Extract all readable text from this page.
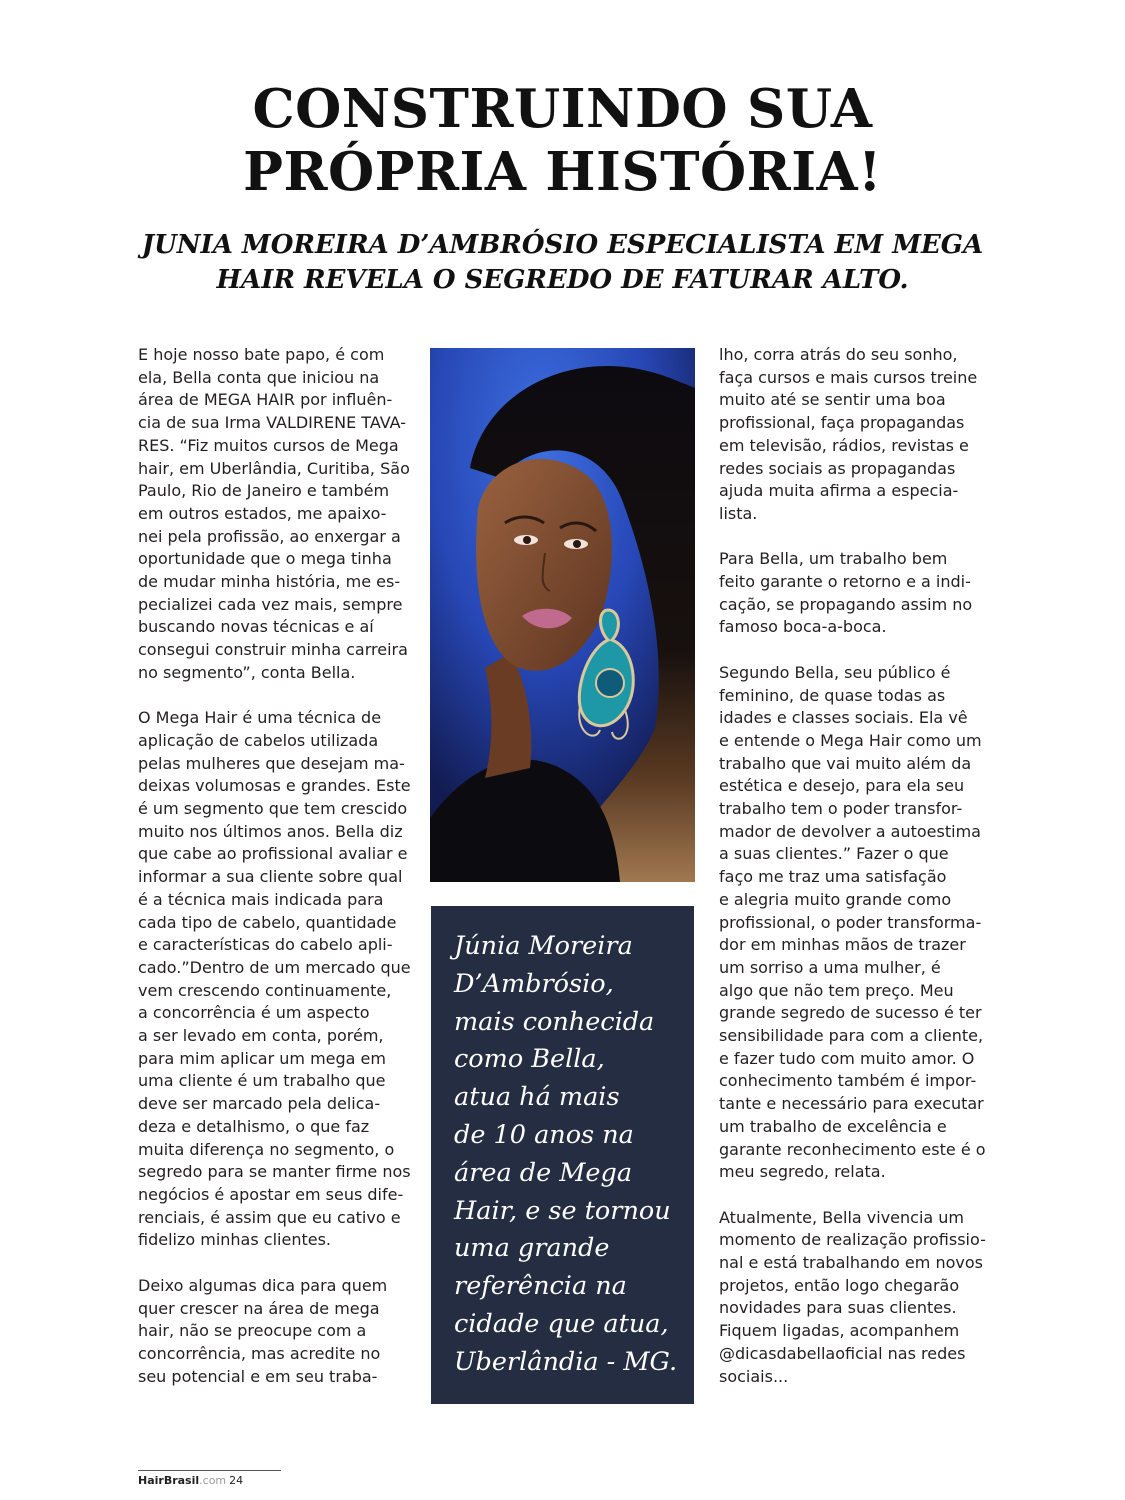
CONSTRUINDO SUA
PRÓPRIA HISTÓRIA!
JUNIA MOREIRA D’AMBRÓSIO ESPECIALISTA EM MEGA
HAIR REVELA O SEGREDO DE FATURAR ALTO.

E hoje nosso bate papo, é com
ela, Bella conta que iniciou na
área de MEGA HAIR por influên-
cia de sua Irma VALDIRENE TAVA-
RES. “Fiz muitos cursos de Mega
hair, em Uberlândia, Curitiba, São
Paulo, Rio de Janeiro e também
em outros estados, me apaixo-
nei pela profissão, ao enxergar a
oportunidade que o mega tinha
de mudar minha história, me es-
pecializei cada vez mais, sempre
buscando novas técnicas e aí
consegui construir minha carreira
no segmento”, conta Bella.

O Mega Hair é uma técnica de
aplicação de cabelos utilizada
pelas mulheres que desejam ma-
deixas volumosas e grandes. Este
é um segmento que tem crescido
muito nos últimos anos. Bella diz
que cabe ao profissional avaliar e
informar a sua cliente sobre qual
é a técnica mais indicada para
cada tipo de cabelo, quantidade
e características do cabelo apli-
cado.”Dentro de um mercado que
vem crescendo continuamente,
a concorrência é um aspecto
a ser levado em conta, porém,
para mim aplicar um mega em
uma cliente é um trabalho que
deve ser marcado pela delica-
deza e detalhismo, o que faz
muita diferença no segmento, o
segredo para se manter firme nos
negócios é apostar em seus dife-
renciais, é assim que eu cativo e
fidelizo minhas clientes.

Deixo algumas dica para quem
quer crescer na área de mega
hair, não se preocupe com a
concorrência, mas acredite no
seu potencial e em seu traba-

Júnia Moreira
D’Ambrósio,
mais conhecida
como Bella,
atua há mais
de 10 anos na
área de Mega
Hair, e se tornou
uma grande
referência na
cidade que atua,
Uberlândia - MG.

lho, corra atrás do seu sonho,
faça cursos e mais cursos treine
muito até se sentir uma boa
profissional, faça propagandas
em televisão, rádios, revistas e
redes sociais as propagandas
ajuda muita afirma a especia-
lista.

Para Bella, um trabalho bem
feito garante o retorno e a indi-
cação, se propagando assim no
famoso boca-a-boca.

Segundo Bella, seu público é
feminino, de quase todas as
idades e classes sociais. Ela vê
e entende o Mega Hair como um
trabalho que vai muito além da
estética e desejo, para ela seu
trabalho tem o poder transfor-
mador de devolver a autoestima
a suas clientes.” Fazer o que
faço me traz uma satisfação
e alegria muito grande como
profissional, o poder transforma-
dor em minhas mãos de trazer
um sorriso a uma mulher, é
algo que não tem preço. Meu
grande segredo de sucesso é ter
sensibilidade para com a cliente,
e fazer tudo com muito amor. O
conhecimento também é impor-
tante e necessário para executar
um trabalho de excelência e
garante reconhecimento este é o
meu segredo, relata.

Atualmente, Bella vivencia um
momento de realização profissio-
nal e está trabalhando em novos
projetos, então logo chegarão
novidades para suas clientes.
Fiquem ligadas, acompanhem
@dicasdabellaoficial nas redes
sociais...

HairBrasil.com 24
